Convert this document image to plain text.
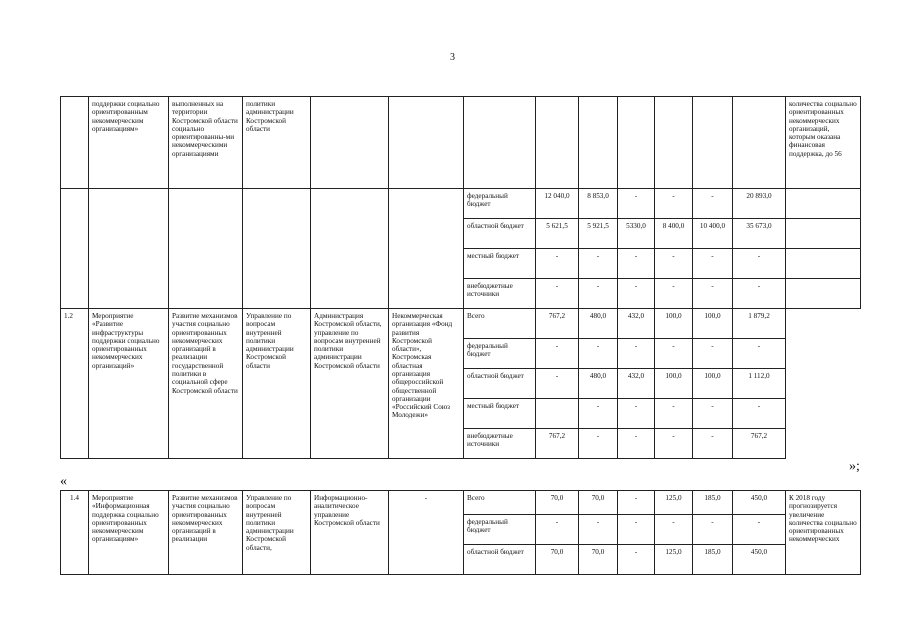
3
	поддержки социально ориентированным некоммерческим организациям»	выполненных на территории Костромской области социально ориентированны-ми некоммерческими организациями	политики администрации Костромской области										количества социально ориентированных некоммерческих организаций, которым оказана финансовая поддержка, до 56
						федеральный бюджет	12 040,0	8 853,0	-	-	-	20 893,0	
						областной бюджет	5 621,5	5 921,5	5330,0	8 400,0	10 400,0	35 673,0	
						местный бюджет	-	-	-	-	-	-	
						внебюджетные источники	-	-	-	-	-	-	
1.2	Мероприятие «Развитие инфраструктуры поддержки социально ориентированных некоммерческих организаций»	Развитие механизмов участия социально ориентированных некоммерческих организаций в реализации государственной политики в социальной сфере Костромской области	Управление по вопросам внутренней политики администрации Костромской области	Администрация Костромской области, управление по вопросам внутренней политики администрации Костромской области	Некоммерческая организация «Фонд развития Костромской области», Костромская областная организация общероссийской общественной организации «Российский Союз Молодежи»	Всего	767,2	480,0	432,0	100,0	100,0	1 879,2	
						федеральный бюджет	-	-	-	-	-	-	
						областной бюджет	-	480,0	432,0	100,0	100,0	1 112,0	
						местный бюджет		-	-	-	-	-	
						внебюджетные источники	767,2	-	-	-	-	767,2	
»;
«
1.4	Мероприятие «Информационная поддержка социально ориентированных некоммерческим организациям»	Развитие механизмов участия социально ориентированных некоммерческих организаций в реализации	Управление по вопросам внутренней политики администрации Костромской области,	Информационно-аналитическое управление Костромской области	-	Всего	70,0	70,0	-	125,0	185,0	450,0	К 2018 году прогнозируется увеличение количества социально ориентированных некоммерческих
						федеральный бюджет	-	-	-	-	-	-	
						областной бюджет	70,0	70,0	-	125,0	185,0	450,0	
